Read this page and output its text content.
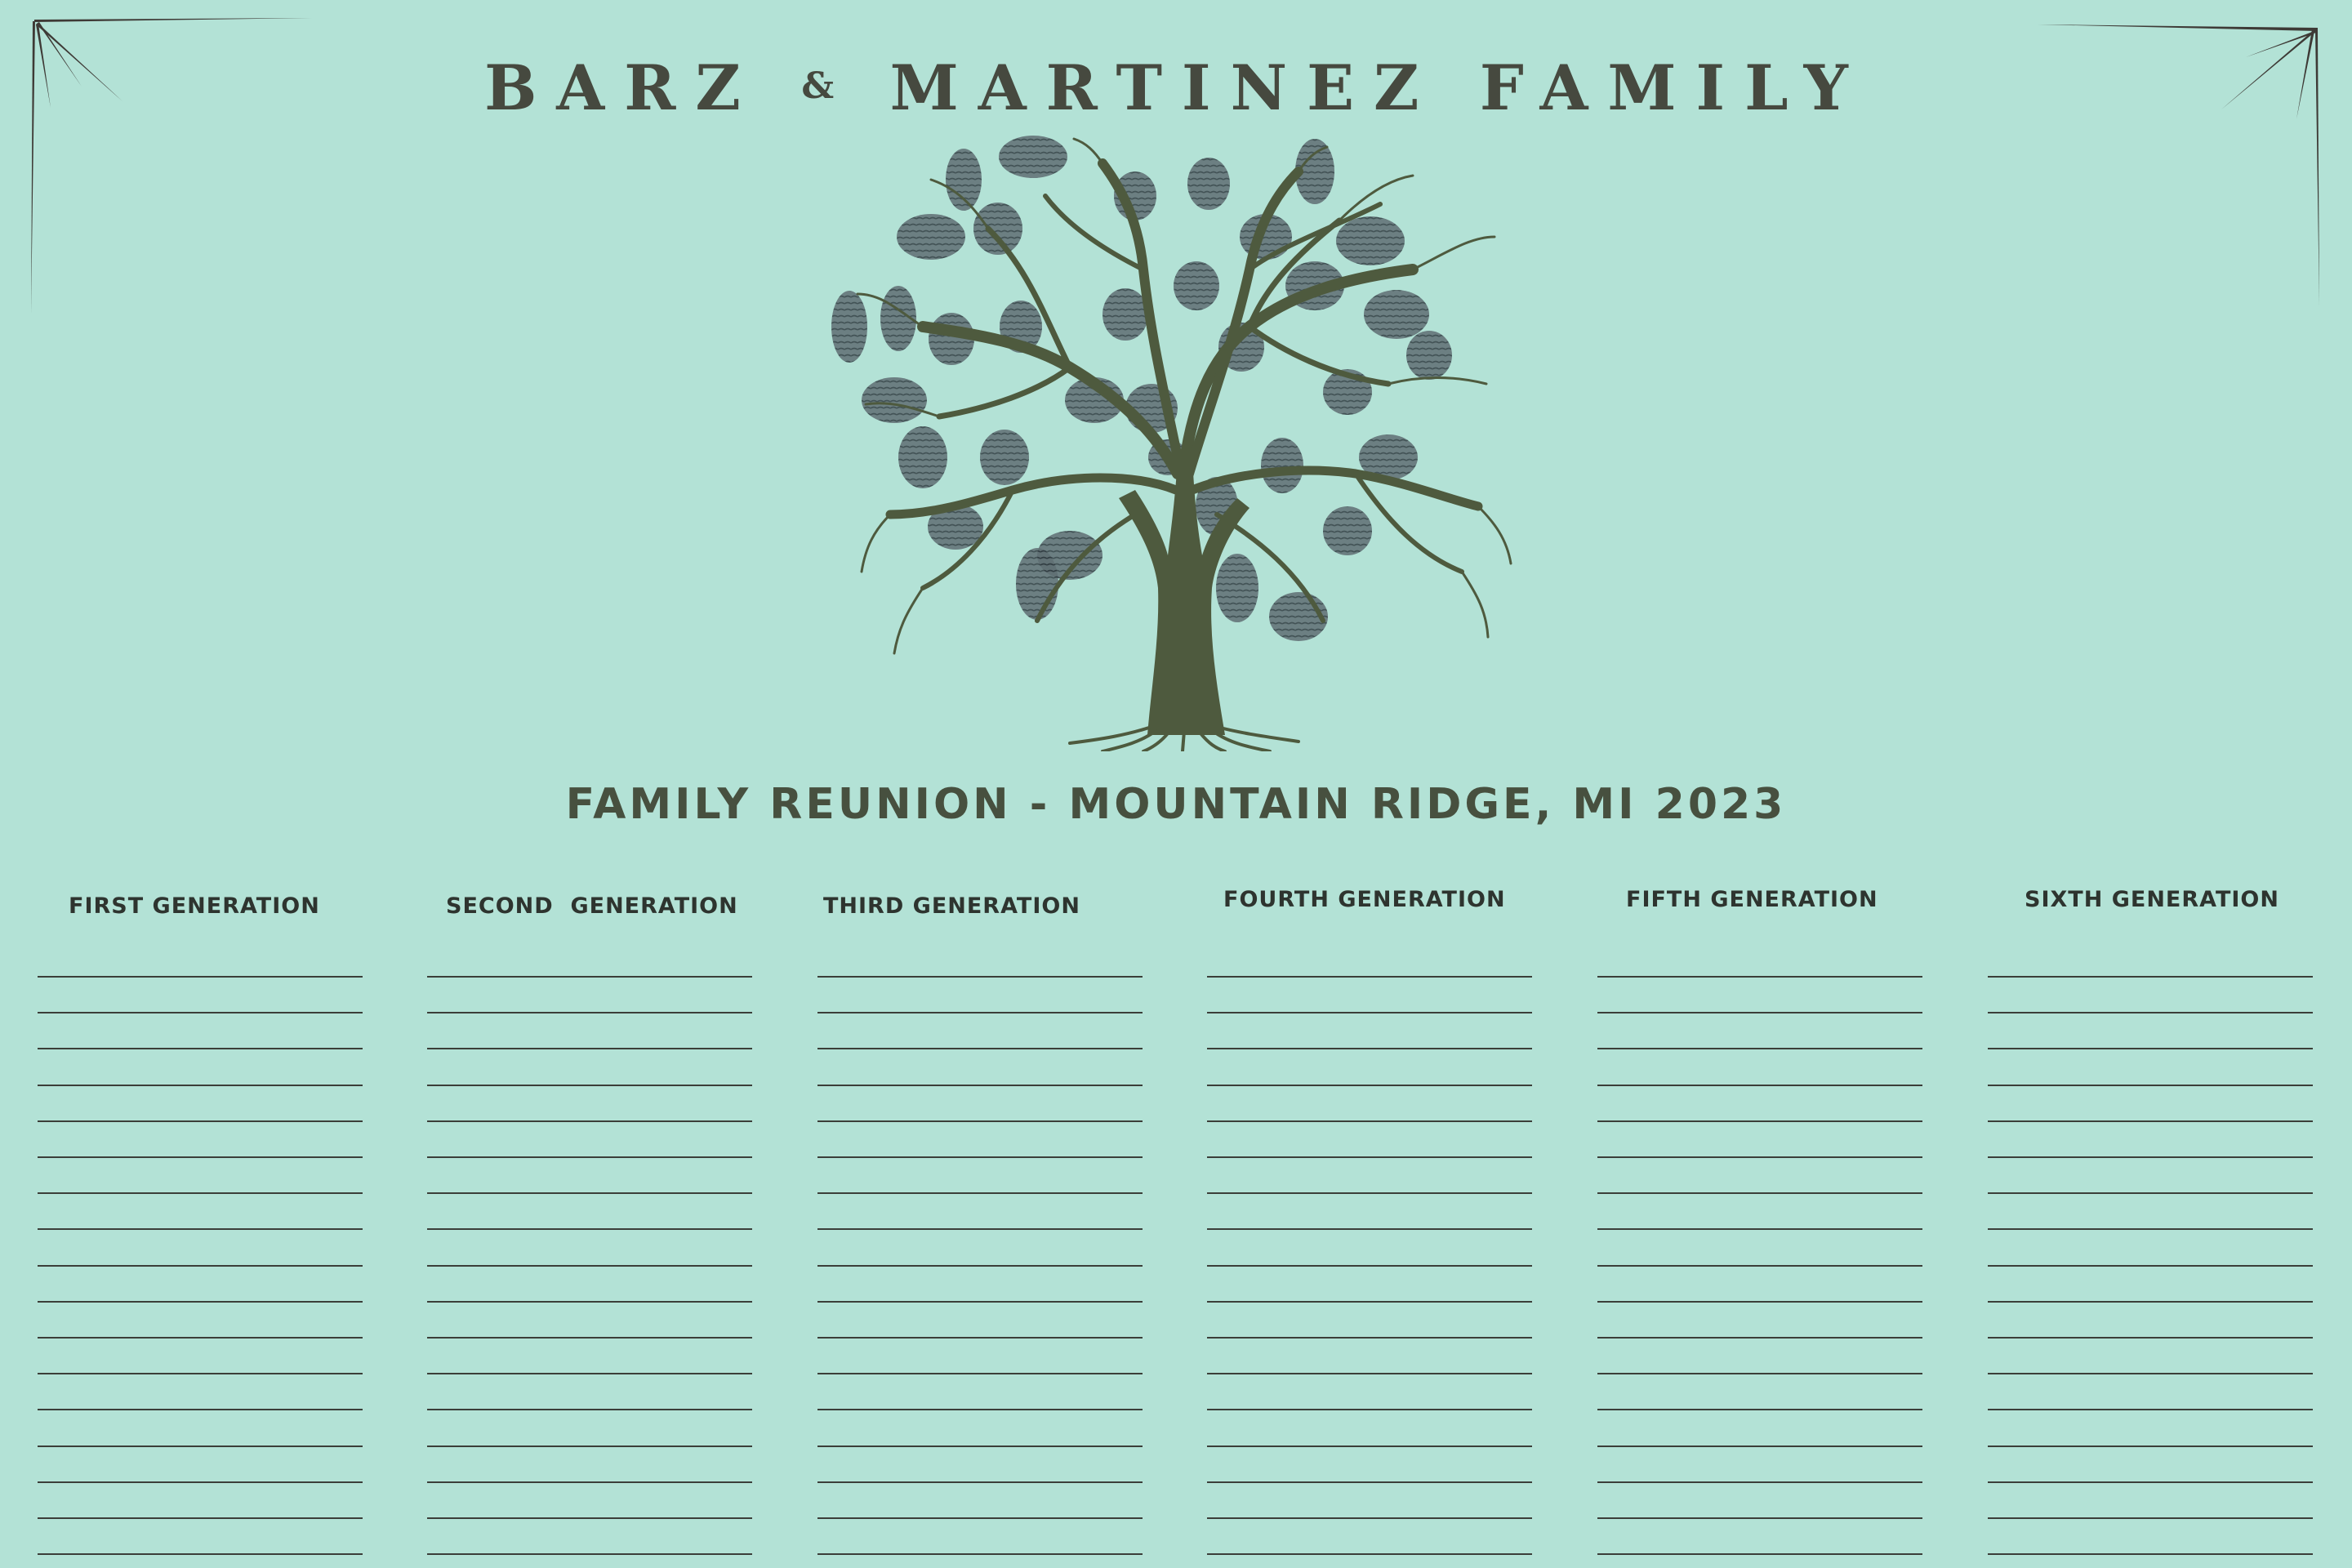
BARZ & MARTINEZ FAMILY
FAMILY REUNION - MOUNTAIN RIDGE, MI 2023
FIRST GENERATION	SECOND  GENERATION	THIRD GENERATION	FOURTH GENERATION	FIFTH GENERATION	SIXTH GENERATION
